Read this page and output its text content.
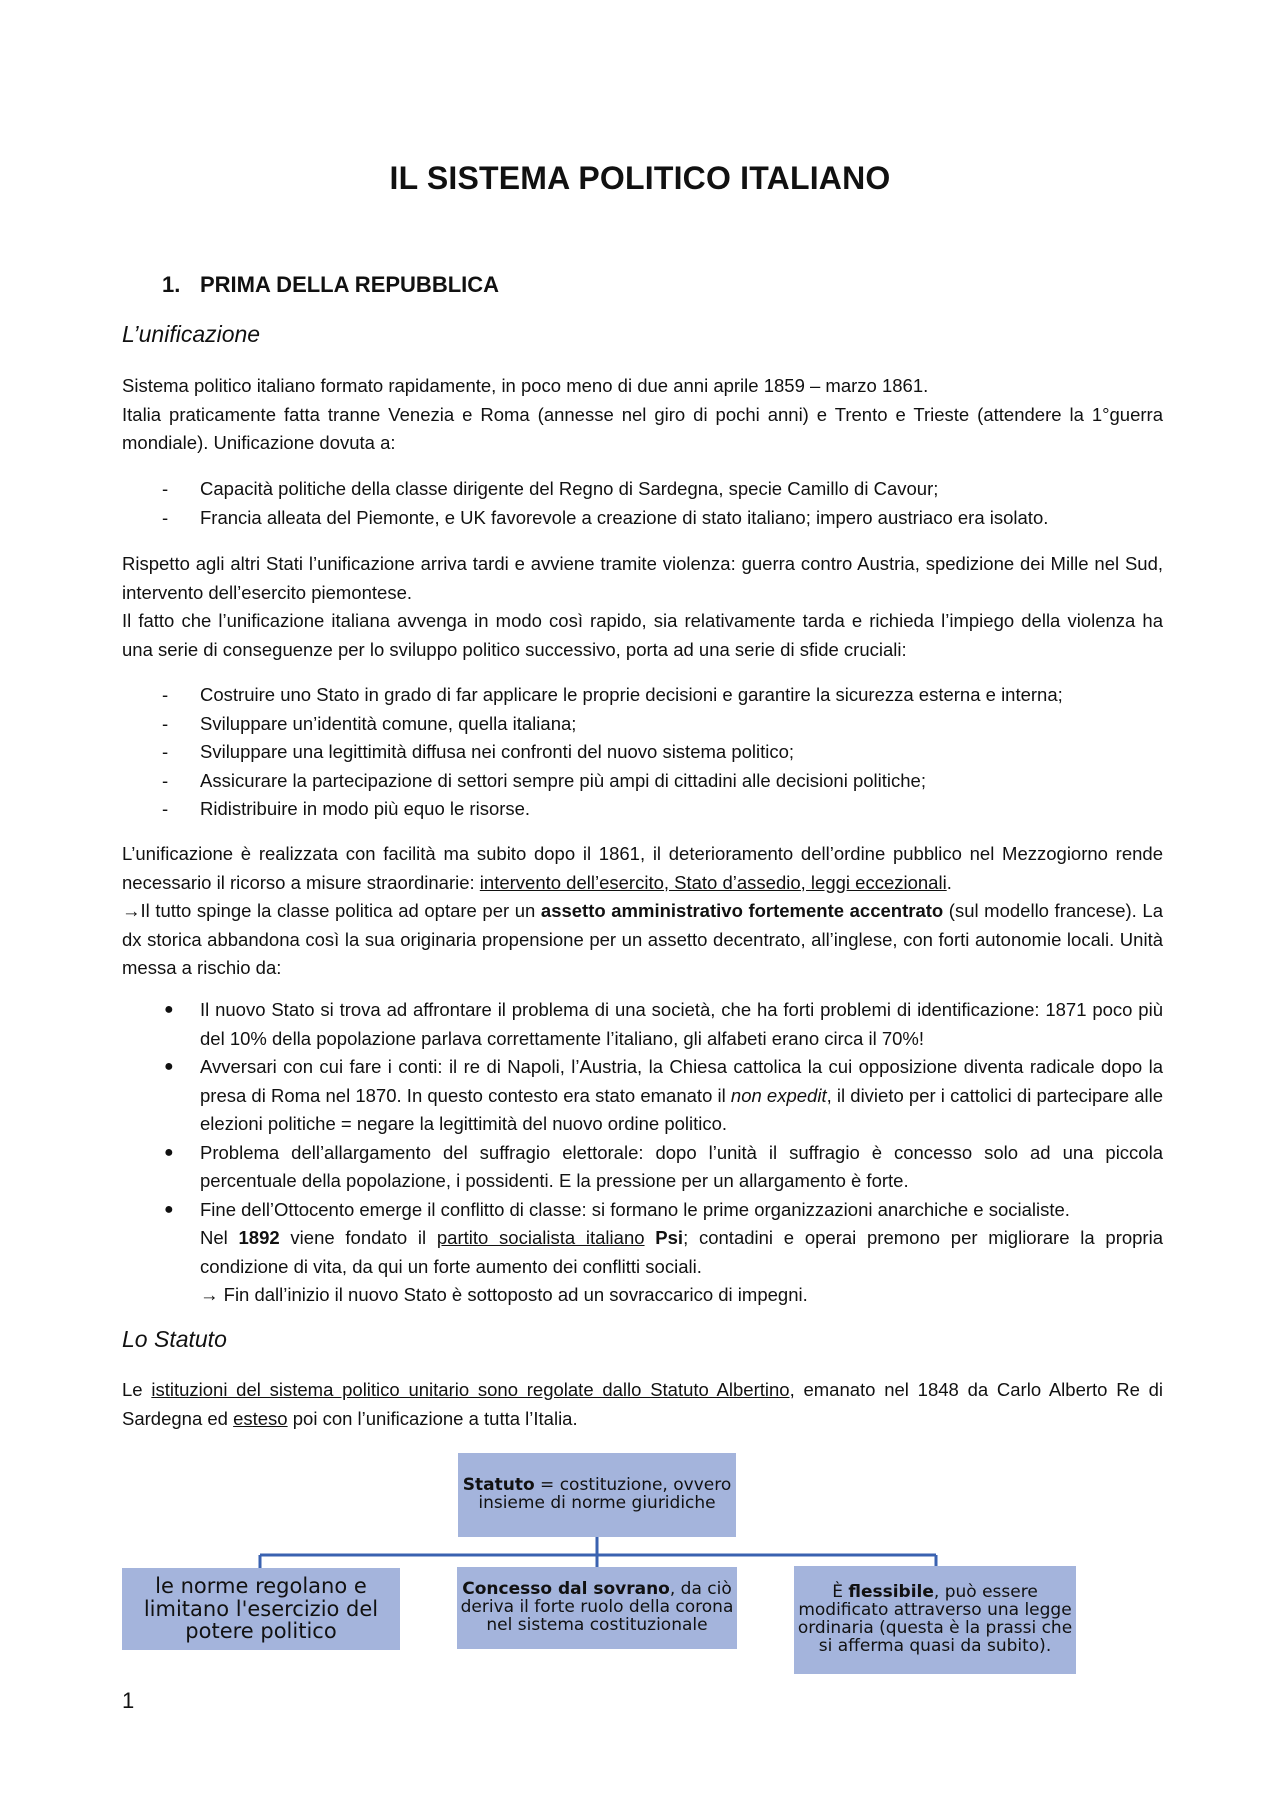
IL SISTEMA POLITICO ITALIANO
1. PRIMA DELLA REPUBBLICA
L’unificazione

Sistema politico italiano formato rapidamente, in poco meno di due anni aprile 1859 – marzo 1861.

Italia praticamente fatta tranne Venezia e Roma (annesse nel giro di pochi anni) e Trento e Trieste (attendere la 1°guerra mondiale). Unificazione dovuta a:

- Capacità politiche della classe dirigente del Regno di Sardegna, specie Camillo di Cavour;
- Francia alleata del Piemonte, e UK favorevole a creazione di stato italiano; impero austriaco era isolato.

Rispetto agli altri Stati l’unificazione arriva tardi e avviene tramite violenza: guerra contro Austria, spedizione dei Mille nel Sud, intervento dell’esercito piemontese.

Il fatto che l’unificazione italiana avvenga in modo così rapido, sia relativamente tarda e richieda l’impiego della violenza ha una serie di conseguenze per lo sviluppo politico successivo, porta ad una serie di sfide cruciali:

- Costruire uno Stato in grado di far applicare le proprie decisioni e garantire la sicurezza esterna e interna;
- Sviluppare un’identità comune, quella italiana;
- Sviluppare una legittimità diffusa nei confronti del nuovo sistema politico;
- Assicurare la partecipazione di settori sempre più ampi di cittadini alle decisioni politiche;
- Ridistribuire in modo più equo le risorse.

L’unificazione è realizzata con facilità ma subito dopo il 1861, il deterioramento dell’ordine pubblico nel Mezzogiorno rende necessario il ricorso a misure straordinarie: intervento dell’esercito, Stato d’assedio, leggi eccezionali.

→Il tutto spinge la classe politica ad optare per un assetto amministrativo fortemente accentrato (sul modello francese). La dx storica abbandona così la sua originaria propensione per un assetto decentrato, all’inglese, con forti autonomie locali. Unità messa a rischio da:

● Il nuovo Stato si trova ad affrontare il problema di una società, che ha forti problemi di identificazione: 1871 poco più del 10% della popolazione parlava correttamente l’italiano, gli alfabeti erano circa il 70%!
● Avversari con cui fare i conti: il re di Napoli, l’Austria, la Chiesa cattolica la cui opposizione diventa radicale dopo la presa di Roma nel 1870. In questo contesto era stato emanato il non expedit, il divieto per i cattolici di partecipare alle elezioni politiche = negare la legittimità del nuovo ordine politico.
● Problema dell’allargamento del suffragio elettorale: dopo l’unità il suffragio è concesso solo ad una piccola percentuale della popolazione, i possidenti. E la pressione per un allargamento è forte.
● Fine dell’Ottocento emerge il conflitto di classe: si formano le prime organizzazioni anarchiche e socialiste.
Nel 1892 viene fondato il partito socialista italiano Psi; contadini e operai premono per migliorare la propria condizione di vita, da qui un forte aumento dei conflitti sociali.
→ Fin dall’inizio il nuovo Stato è sottoposto ad un sovraccarico di impegni.
Lo Statuto

Le istituzioni del sistema politico unitario sono regolate dallo Statuto Albertino, emanato nel 1848 da Carlo Alberto Re di Sardegna ed esteso poi con l’unificazione a tutta l’Italia.

Statuto = costituzione, ovvero insieme di norme giuridiche
le norme regolano e limitano l'esercizio del potere politico
Concesso dal sovrano, da ciò deriva il forte ruolo della corona nel sistema costituzionale
È flessibile, può essere modificato attraverso una legge ordinaria (questa è la prassi che si afferma quasi da subito).
1
